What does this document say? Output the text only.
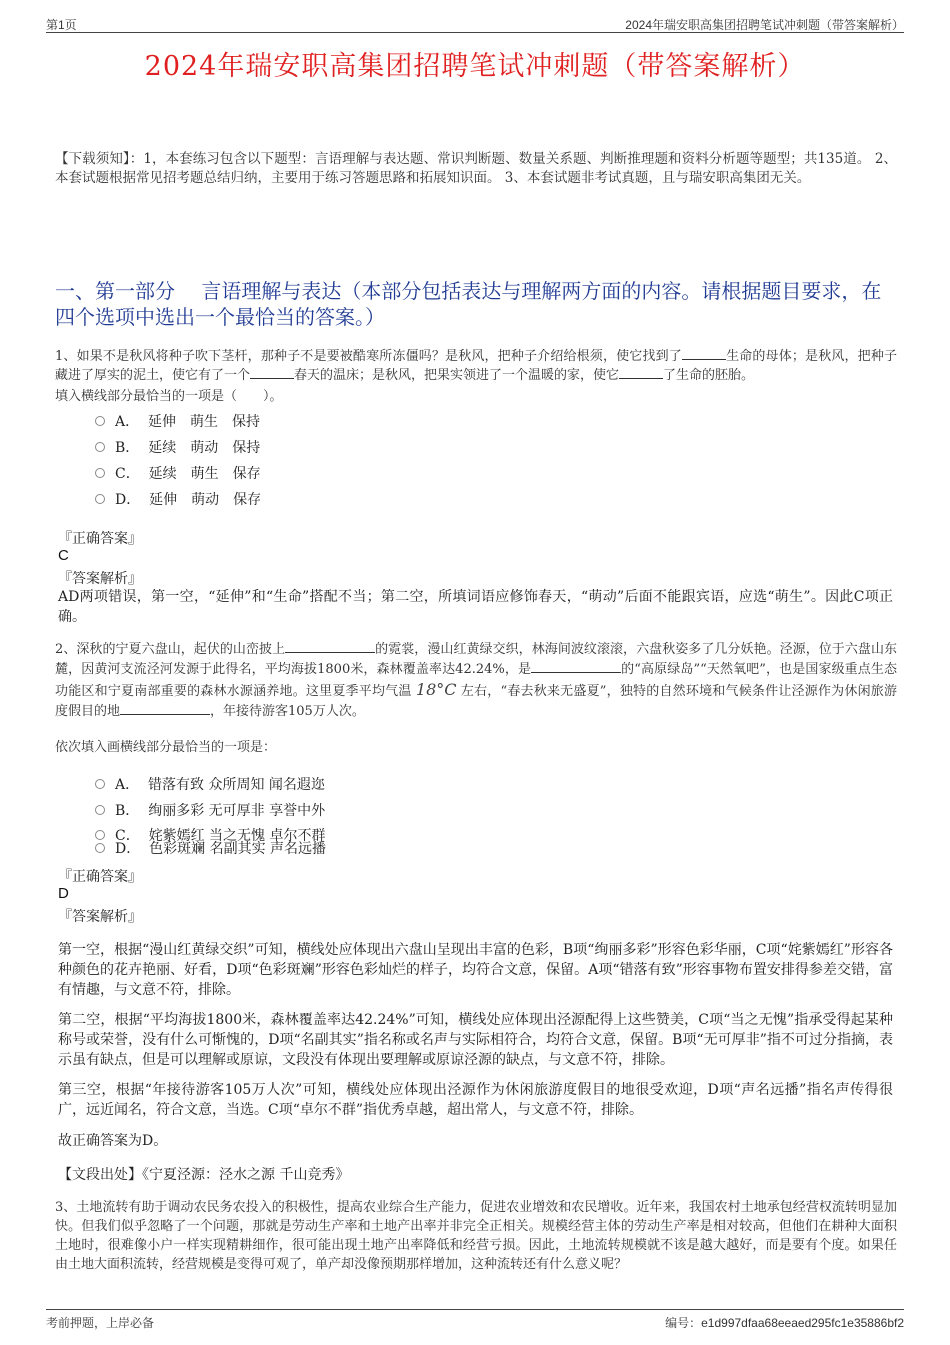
第1页	2024年瑞安职高集团招聘笔试冲刺题（带答案解析）
2024年瑞安职高集团招聘笔试冲刺题（带答案解析）
【下载须知】：1，本套练习包含以下题型：言语理解与表达题、常识判断题、数量关系题、判断推理题和资料分析题等题型；共135道。 2、本套试题根据常见招考题总结归纳，主要用于练习答题思路和拓展知识面。 3、本套试题非考试真题，且与瑞安职高集团无关。
一、第一部分　 言语理解与表达（本部分包括表达与理解两方面的内容。请根据题目要求，在四个选项中选出一个最恰当的答案。）
1、如果不是秋风将种子吹下茎杆，那种子不是要被酷寒所冻僵吗？是秋风，把种子介绍给根须，使它找到了	生命的母体；是秋风，把种子藏进了厚实的泥土，使它有了一个	春天的温床；是秋风，把果实领进了一个温暖的家，使它	了生命的胚胎。
填入横线部分最恰当的一项是（　　）。
A．  延伸　萌生　保持
B．  延续　萌动　保持
C．  延续　萌生　保存
D．  延伸　萌动　保存
『正确答案』
C
『答案解析』
AD两项错误，第一空，“延伸”和“生命”搭配不当；第二空，所填词语应修饰春天，“萌动”后面不能跟宾语，应选“萌生”。因此C项正确。
2、深秋的宁夏六盘山，起伏的山峦披上	的霓裳，漫山红黄绿交织，林海间波纹滚滚，六盘秋姿多了几分妖艳。泾源，位于六盘山东麓，因黄河支流泾河发源于此得名，平均海拔1800米，森林覆盖率达42.24%，是	的“高原绿岛”“天然氧吧”，也是国家级重点生态功能区和宁夏南部重要的森林水源涵养地。这里夏季平均气温 18°C 左右，“春去秋来无盛夏”，独特的自然环境和气候条件让泾源作为休闲旅游度假目的地	，年接待游客105万人次。
依次填入画横线部分最恰当的一项是：
A．  错落有致 众所周知 闻名遐迩
B．  绚丽多彩 无可厚非 享誉中外
C．  姹紫嫣红 当之无愧 卓尔不群
D．  色彩斑斓 名副其实 声名远播
『正确答案』
D
『答案解析』
第一空，根据“漫山红黄绿交织”可知，横线处应体现出六盘山呈现出丰富的色彩，B项“绚丽多彩”形容色彩华丽，C项“姹紫嫣红”形容各种颜色的花卉艳丽、好看，D项“色彩斑斓”形容色彩灿烂的样子，均符合文意，保留。A项“错落有致”形容事物布置安排得参差交错，富有情趣，与文意不符，排除。
第二空，根据“平均海拔1800米，森林覆盖率达42.24%”可知，横线处应体现出泾源配得上这些赞美，C项“当之无愧”指承受得起某种称号或荣誉，没有什么可惭愧的，D项“名副其实”指名称或名声与实际相符合，均符合文意，保留。B项“无可厚非”指不可过分指摘，表示虽有缺点，但是可以理解或原谅，文段没有体现出要理解或原谅泾源的缺点，与文意不符，排除。
第三空，根据“年接待游客105万人次”可知，横线处应体现出泾源作为休闲旅游度假目的地很受欢迎，D项“声名远播”指名声传得很广，远近闻名，符合文意，当选。C项“卓尔不群”指优秀卓越，超出常人，与文意不符，排除。
故正确答案为D。
【文段出处】《宁夏泾源：泾水之源 千山竞秀》
3、土地流转有助于调动农民务农投入的积极性，提高农业综合生产能力，促进农业增效和农民增收。近年来，我国农村土地承包经营权流转明显加快。但我们似乎忽略了一个问题，那就是劳动生产率和土地产出率并非完全正相关。规模经营主体的劳动生产率是相对较高，但他们在耕种大面积土地时，很难像小户一样实现精耕细作，很可能出现土地产出率降低和经营亏损。因此，土地流转规模就不该是越大越好，而是要有个度。如果任由土地大面积流转，经营规模是变得可观了，单产却没像预期那样增加，这种流转还有什么意义呢？
考前押题，上岸必备	编号：e1d997dfaa68eeaed295fc1e35886bf2
